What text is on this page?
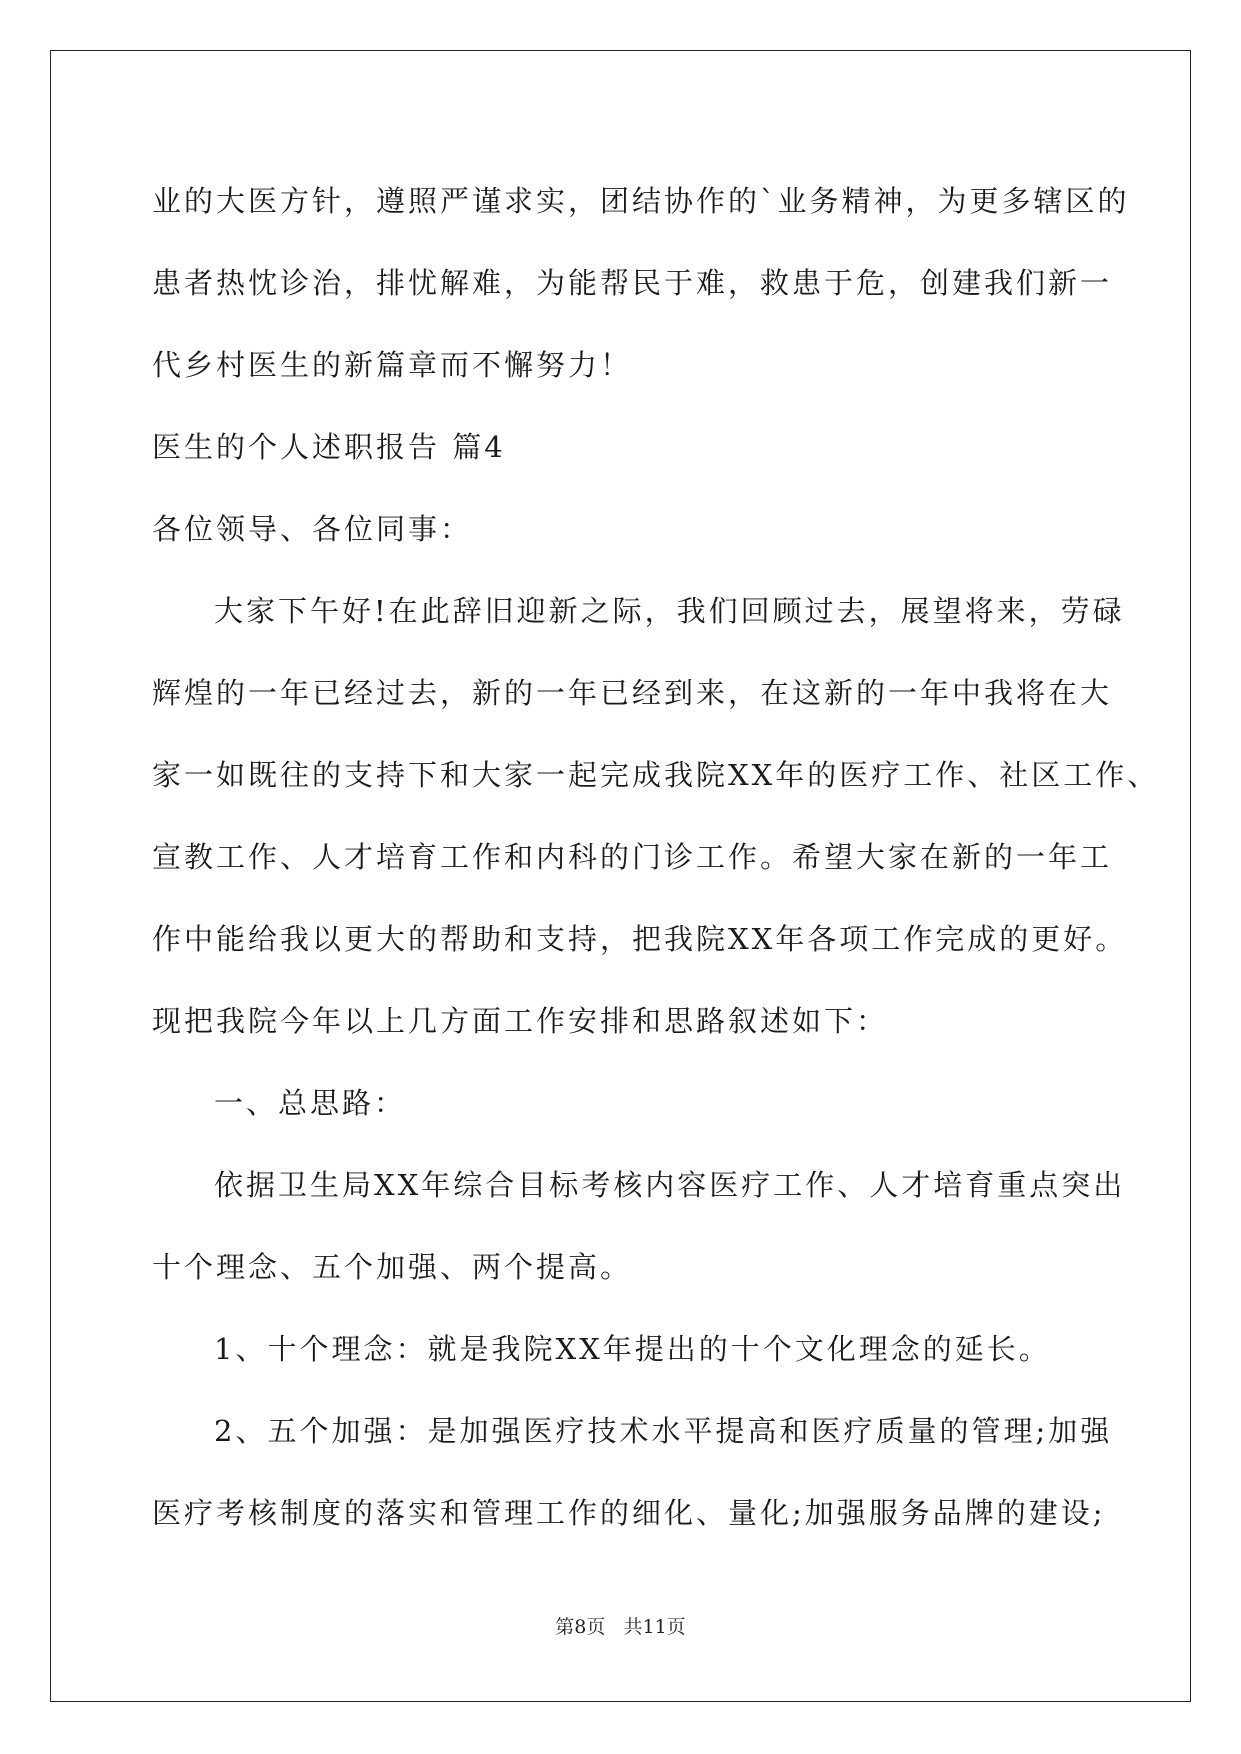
业的大医方针，遵照严谨求实，团结协作的`业务精神，为更多辖区的
患者热忱诊治，排忧解难，为能帮民于难，救患于危，创建我们新一
代乡村医生的新篇章而不懈努力！
医生的个人述职报告 篇4
各位领导、各位同事：
大家下午好!在此辞旧迎新之际，我们回顾过去，展望将来，劳碌
辉煌的一年已经过去，新的一年已经到来，在这新的一年中我将在大
家一如既往的支持下和大家一起完成我院XX年的医疗工作、社区工作、
宣教工作、人才培育工作和内科的门诊工作。希望大家在新的一年工
作中能给我以更大的帮助和支持，把我院XX年各项工作完成的更好。
现把我院今年以上几方面工作安排和思路叙述如下：
一、总思路：
依据卫生局XX年综合目标考核内容医疗工作、人才培育重点突出
十个理念、五个加强、两个提高。
1、十个理念：就是我院XX年提出的十个文化理念的延长。
2、五个加强：是加强医疗技术水平提高和医疗质量的管理;加强
医疗考核制度的落实和管理工作的细化、量化;加强服务品牌的建设;
第8页   共11页
